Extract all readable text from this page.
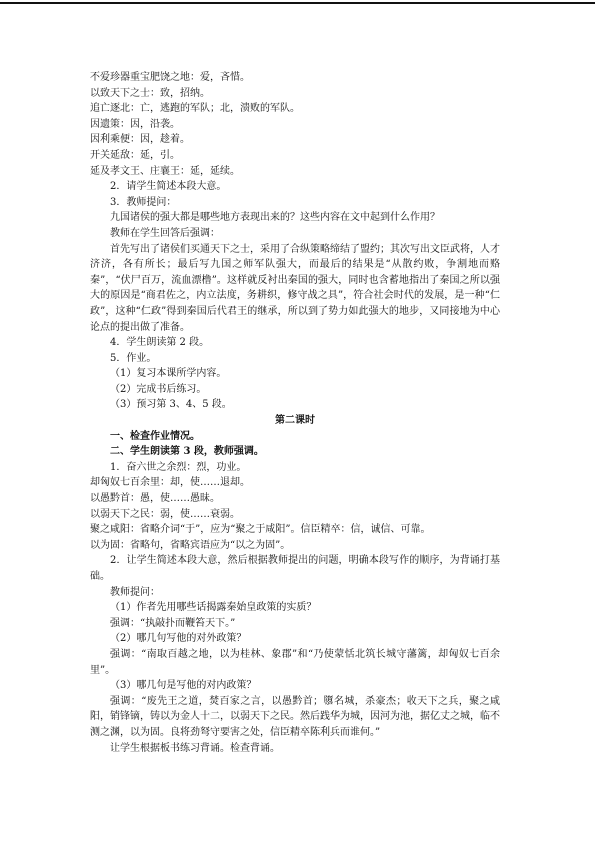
不爱珍器重宝肥饶之地：爱，吝惜。

以致天下之士：致，招纳。

追亡逐北：亡，逃跑的军队；北，溃败的军队。

因遗策：因，沿袭。

因利乘便：因，趁着。

开关延敌：延，引。

延及孝文王、庄襄王：延，延续。

2．请学生简述本段大意。

3．教师提问：

九国诸侯的强大都是哪些地方表现出来的？这些内容在文中起到什么作用？

教师在学生回答后强调：

首先写出了诸侯们买通天下之士，采用了合纵策略缔结了盟约；其次写出文臣武将，人才济济，各有所长；最后写九国之师军队强大，而最后的结果是“从散约败，争割地而赂秦”，“伏尸百万，流血漂橹”。这样就反衬出秦国的强大，同时也含蓄地指出了秦国之所以强大的原因是“商君佐之，内立法度，务耕织，修守战之具”，符合社会时代的发展，是一种“仁政”，这种“仁政”得到秦国后代君王的继承，所以到了势力如此强大的地步，又同接地为中心论点的提出做了准备。

4．学生朗读第 2 段。

5．作业。

（1）复习本课所学内容。

（2）完成书后练习。

（3）预习第 3、4、5 段。

第二课时

一、检查作业情况。

二、学生朗读第 3 段，教师强调。

1．奋六世之余烈：烈，功业。

却匈奴七百余里：却，使……退却。

以愚黔首：愚，使……愚昧。

以弱天下之民：弱，使……衰弱。

聚之咸阳：省略介词“于”，应为“聚之于咸阳”。信臣精卒：信，诚信、可靠。

以为固：省略句，省略宾语应为“以之为固”。

2．让学生简述本段大意，然后根据教师提出的问题，明确本段写作的顺序，为背诵打基础。

教师提问：

（1）作者先用哪些话揭露秦始皇政策的实质？

强调：“执敲扑而鞭笞天下。”

（2）哪几句写他的对外政策？

强调：“南取百越之地，以为桂林、象郡”和“乃使蒙恬北筑长城守藩篱，却匈奴七百余里”。

（3）哪几句是写他的对内政策？

强调：“废先王之道，焚百家之言，以愚黔首；隳名城，杀豪杰；收天下之兵，聚之咸阳，销锋镝，铸以为金人十二，以弱天下之民。然后践华为城，因河为池，据亿丈之城，临不测之渊，以为固。良将劲弩守要害之处，信臣精卒陈利兵而谁何。”

让学生根据板书练习背诵。检查背诵。
